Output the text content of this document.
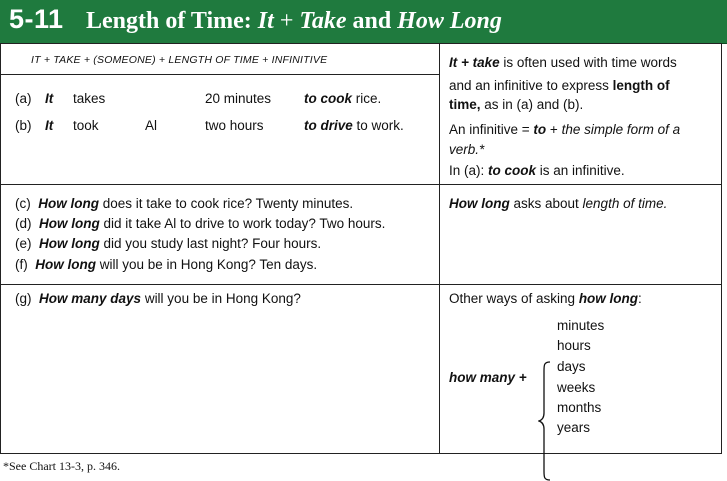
5-11 Length of Time: It + Take and How Long
IT + TAKE + (SOMEONE) + LENGTH OF TIME + INFINITIVE
(a) It takes	20 minutes to cook rice.
(b) It took	Al	two hours	to drive to work.
It + take is often used with time words
and an infinitive to express length of
time, as in (a) and (b).
An infinitive = to + the simple form of a
verb.*
In (a): to cook is an infinitive.
(c) How long does it take to cook rice? Twenty minutes.
(d) How long did it take Al to drive to work today? Two hours.
(e) How long did you study last night? Four hours.
(f) How long will you be in Hong Kong? Ten days.
How long asks about length of time.
(g) How many days will you be in Hong Kong?	Other ways of asking how long:
how many +
minutes
hours
days
weeks
months
years
*See Chart 13-3, p. 346.
